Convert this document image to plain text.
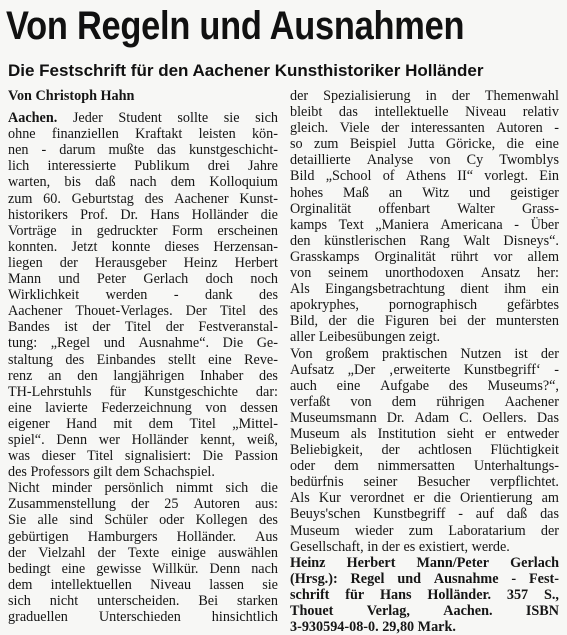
Von Regeln und Ausnahmen
Die Festschrift für den Aachener Kunsthistoriker Holländer
Von Christoph Hahn
Aachen. Jeder Student sollte sie sich
ohne finanziellen Kraftakt leisten kön-
nen - darum mußte das kunstgeschicht-
lich interessierte Publikum drei Jahre
warten, bis daß nach dem Kolloquium
zum 60. Geburtstag des Aachener Kunst-
historikers Prof. Dr. Hans Holländer die
Vorträge in gedruckter Form erscheinen
konnten. Jetzt konnte dieses Herzensan-
liegen der Herausgeber Heinz Herbert
Mann und Peter Gerlach doch noch
Wirklichkeit werden - dank des
Aachener Thouet-Verlages. Der Titel des
Bandes ist der Titel der Festveranstal-
tung: „Regel und Ausnahme“. Die Ge-
staltung des Einbandes stellt eine Reve-
renz an den langjährigen Inhaber des
TH-Lehrstuhls für Kunstgeschichte dar:
eine lavierte Federzeichnung von dessen
eigener Hand mit dem Titel „Mittel-
spiel“. Denn wer Holländer kennt, weiß,
was dieser Titel signalisiert: Die Passion
des Professors gilt dem Schachspiel.
Nicht minder persönlich nimmt sich die
Zusammenstellung der 25 Autoren aus:
Sie alle sind Schüler oder Kollegen des
gebürtigen Hamburgers Holländer. Aus
der Vielzahl der Texte einige auswählen
bedingt eine gewisse Willkür. Denn nach
dem intellektuellen Niveau lassen sie
sich nicht unterscheiden. Bei starken
graduellen Unterschieden hinsichtlich
der Spezialisierung in der Themenwahl
bleibt das intellektuelle Niveau relativ
gleich. Viele der interessanten Autoren -
so zum Beispiel Jutta Göricke, die eine
detaillierte Analyse von Cy Twomblys
Bild „School of Athens II“ vorlegt. Ein
hohes Maß an Witz und geistiger
Orginalität offenbart Walter Grass-
kamps Text „Maniera Americana - Über
den künstlerischen Rang Walt Disneys“.
Grasskamps Orginalität rührt vor allem
von seinem unorthodoxen Ansatz her:
Als Eingangsbetrachtung dient ihm ein
apokryphes, pornographisch gefärbtes
Bild, der die Figuren bei der muntersten
aller Leibesübungen zeigt.
Von großem praktischen Nutzen ist der
Aufsatz „Der ‚erweiterte Kunstbegriff‘ -
auch eine Aufgabe des Museums?“,
verfaßt von dem rührigen Aachener
Museumsmann Dr. Adam C. Oellers. Das
Museum als Institution sieht er entweder
Beliebigkeit, der achtlosen Flüchtigkeit
oder dem nimmersatten Unterhaltungs-
bedürfnis seiner Besucher verpflichtet.
Als Kur verordnet er die Orientierung am
Beuys'schen Kunstbegriff - auf daß das
Museum wieder zum Laboratarium der
Gesellschaft, in der es existiert, werde.
Heinz Herbert Mann/Peter Gerlach
(Hrsg.): Regel und Ausnahme - Fest-
schrift für Hans Holländer. 357 S.,
Thouet Verlag, Aachen. ISBN
3-930594-08-0. 29,80 Mark.
